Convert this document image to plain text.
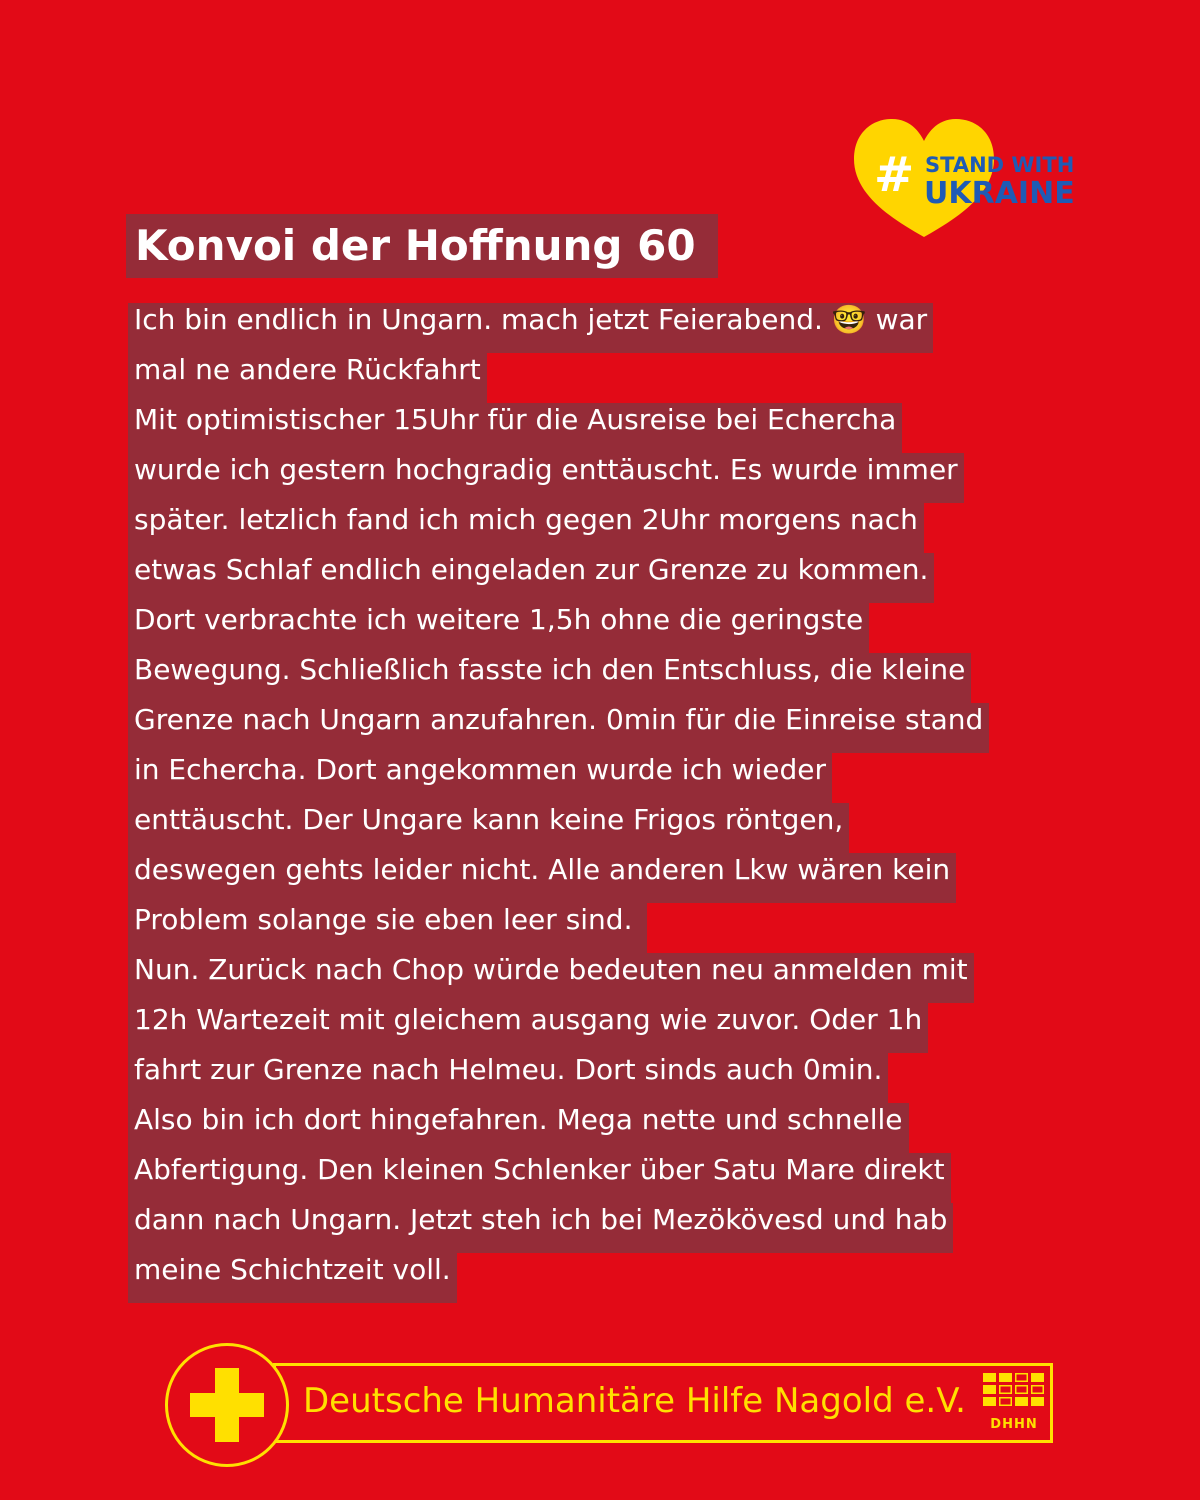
# STAND WITH
UKRAINE
Konvoi der Hoffnung 60
Ich bin endlich in Ungarn. mach jetzt Feierabend. 🤓 war
mal ne andere Rückfahrt
Mit optimistischer 15Uhr für die Ausreise bei Echercha
wurde ich gestern hochgradig enttäuscht. Es wurde immer
später. letzlich fand ich mich gegen 2Uhr morgens nach
etwas Schlaf endlich eingeladen zur Grenze zu kommen.
Dort verbrachte ich weitere 1,5h ohne die geringste
Bewegung. Schließlich fasste ich den Entschluss, die kleine
Grenze nach Ungarn anzufahren. 0min für die Einreise stand
in Echercha. Dort angekommen wurde ich wieder
enttäuscht. Der Ungare kann keine Frigos röntgen,
deswegen gehts leider nicht. Alle anderen Lkw wären kein
Problem solange sie eben leer sind.
Nun. Zurück nach Chop würde bedeuten neu anmelden mit
12h Wartezeit mit gleichem ausgang wie zuvor. Oder 1h
fahrt zur Grenze nach Helmeu. Dort sinds auch 0min.
Also bin ich dort hingefahren. Mega nette und schnelle
Abfertigung. Den kleinen Schlenker über Satu Mare direkt
dann nach Ungarn. Jetzt steh ich bei Mezökövesd und hab
meine Schichtzeit voll.
Deutsche Humanitäre Hilfe Nagold e.V.
DHHN
